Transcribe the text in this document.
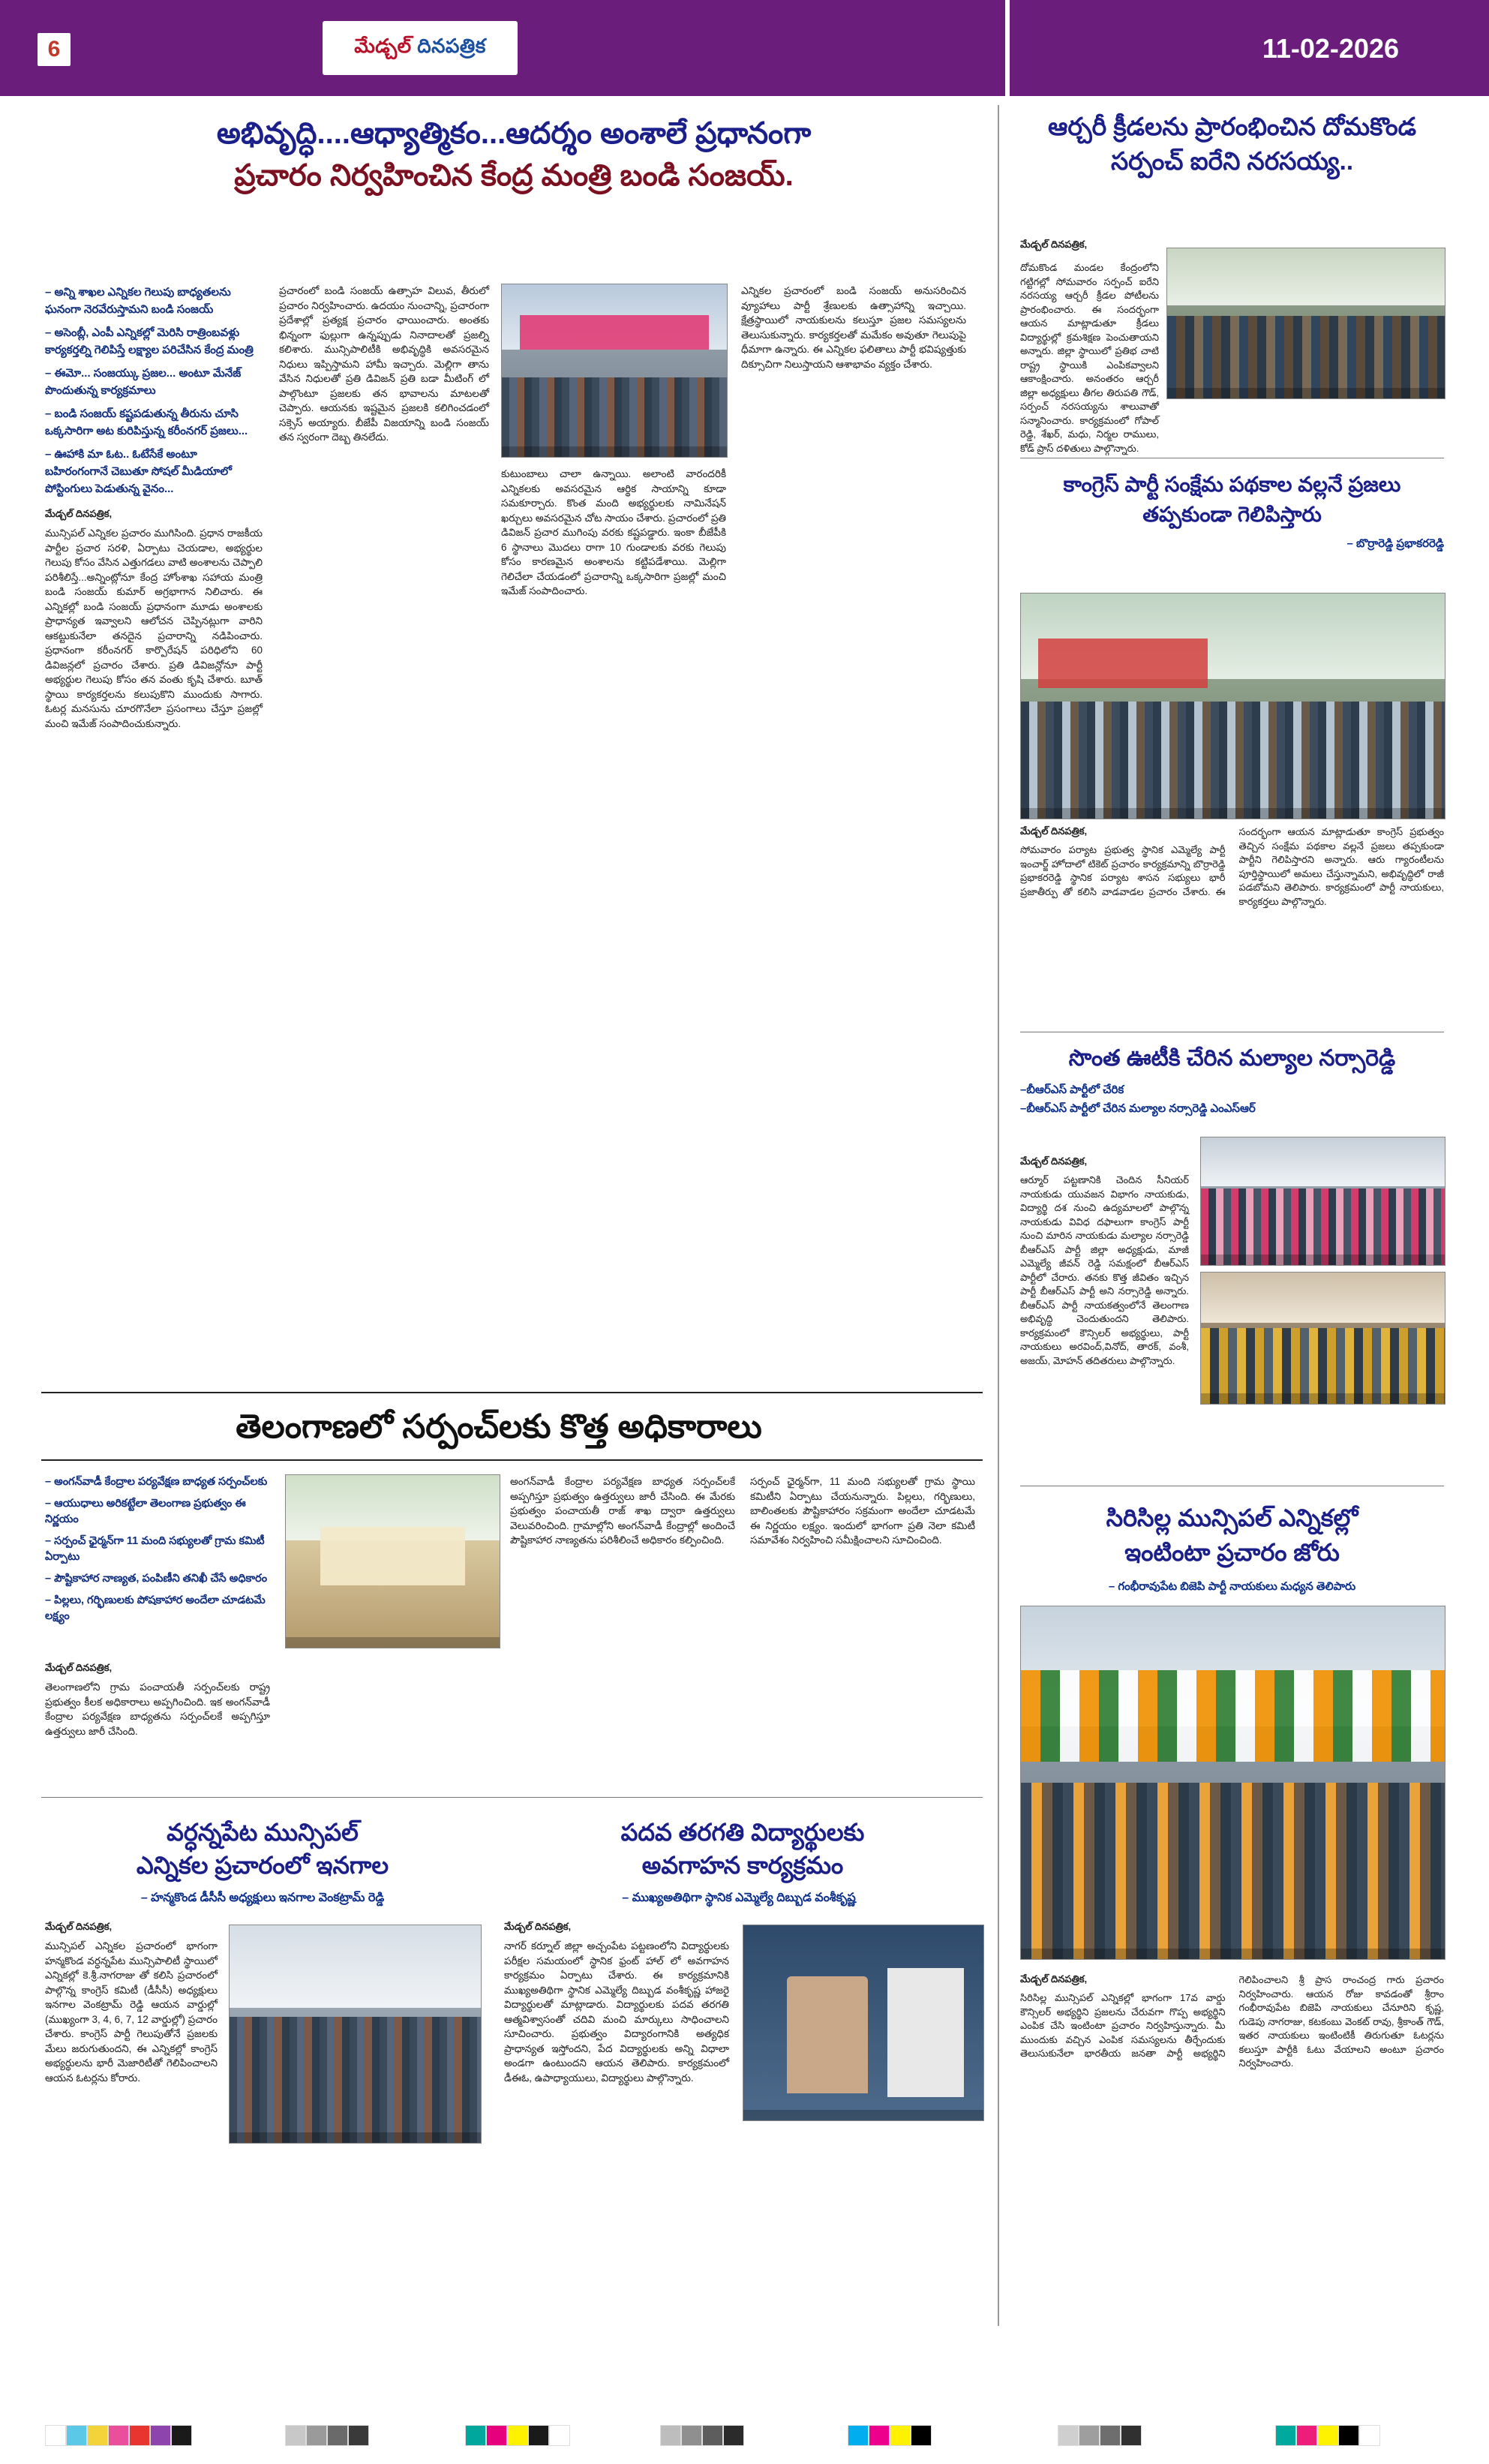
6	మేడ్చల్ దినపత్రిక	11-02-2026
అభివృద్ధి....ఆధ్యాత్మికం...ఆదర్శం అంశాలే ప్రధానంగా
ప్రచారం నిర్వహించిన కేంద్ర మంత్రి బండి సంజయ్.
– అన్ని శాఖల ఎన్నికల గెలుపు బాధ్యతలను ఘనంగా నెరవేరుస్తామని బండి సంజయ్
– అసెంబ్లీ, ఎంపీ ఎన్నికల్లో మెరిసి రాత్రింబవళ్లు కార్యకర్తల్ని గెలిపిస్తే లక్ష్యాల పరిచేసిన కేంద్ర మంత్రి
– ఈమో... సంజయ్కు ప్రజల... అంటూ మేనేజ్ పొందుతున్న కార్యక్రమాలు
– బండి సంజయ్ కష్టపడుతున్న తీరును చూసి ఒక్కసారిగా అట కురిపిస్తున్న కరీంనగర్ ప్రజలు...
– ఊహాకి మా ఓట.. ఓటేసేకే అంటూ బహిరంగంగానే చెబుతూ సోషల్ మీడియాలో పోస్టింగులు పెడుతున్న వైనం...
మేడ్చల్ దినపత్రిక,
మున్సిపల్ ఎన్నికల ప్రచారం ముగిసింది. ప్రధాన రాజకీయ పార్టీల ప్రచార సరళి, ఏర్పాటు చెయడాల, అభ్యర్థుల గెలుపు కోసం వేసిన ఎత్తుగడలు వాటి అంశాలను చెప్పాలి పరిశీలిస్తే...అన్నింట్లోనూ కేంద్ర హోంశాఖ సహాయ మంత్రి బండి సంజయ్ కుమార్ అగ్రభాగాన నిలిచారు. ఈ ఎన్నికల్లో బండి సంజయ్ ప్రధానంగా మూడు అంశాలకు ప్రాధాన్యత ఇవ్వాలని ఆలోచన చెప్పినట్లుగా వారిని ఆకట్టుకునేలా తనదైన ప్రచారాన్ని నడిపించారు. ప్రధానంగా కరీంనగర్ కార్పొరేషన్ పరిధిలోని 60 డివిజన్లలో ప్రచారం చేశారు. ప్రతి డివిజన్లోనూ పార్టీ అభ్యర్థుల గెలుపు కోసం తన వంతు కృషి చేశారు. బూత్ స్థాయి కార్యకర్తలను కలుపుకొని ముందుకు సాగారు. ఓటర్ల మనసును చూరగొనేలా ప్రసంగాలు చేస్తూ ప్రజల్లో మంచి ఇమేజ్ సంపాదించుకున్నారు.
ప్రచారంలో బండి సంజయ్ ఉత్సాహ విలువ, తీరులో ప్రచారం నిర్వహించారు. ఉదయం నుంచాన్ని, ప్రచారంగా ప్రదేశాల్లో ప్రత్యక్ష ప్రచారం ఛాయించారు. అంతకు భిన్నంగా ఫుల్లుగా ఉన్నప్పుడు నినాదాలతో ప్రజల్ని కలిశారు. మున్సిపాలిటీకి అభివృద్ధికి అవసరమైన నిధులు ఇప్పిస్తామని హామీ ఇచ్చారు. మెల్లిగా తాను వేసిన నిధులతో ప్రతి డివిజన్ ప్రతి బడా మీటింగ్ లో పాల్గొంటూ ప్రజలకు తన భావాలను మాటలతో చెప్పారు. ఆయనకు ఇష్టమైన ప్రజలకి కలిగించడంలో సక్సెస్ అయ్యారు. బీజేపీ విజయాన్ని బండి సంజయ్ తన స్వరంగా దెబ్బ తినలేదు.
కుటుంబాలు చాలా ఉన్నాయి. అలాంటి వారందరికీ ఎన్నికలకు అవసరమైన ఆర్థిక సాయాన్ని కూడా సమకూర్చారు. కొంత మంది అభ్యర్థులకు నామినేషన్ ఖర్చులు అవసరమైన చోట సాయం చేశారు. ప్రచారంలో ప్రతి డివిజన్ ప్రచార ముగింపు వరకు కష్టపడ్డారు. ఇంకా బీజేపీకి 6 స్థానాలు మొదలు రాగా 10 గుండాలకు వరకు గెలుపు కోసం కారణమైన అంశాలను కట్టిపడేశాయి. మెల్లిగా గెలిచేలా చేయడంలో ప్రచారాన్ని ఒక్కసారిగా ప్రజల్లో మంచి ఇమేజ్ సంపాదించారు.
ఎన్నికల ప్రచారంలో బండి సంజయ్ అనుసరించిన వ్యూహాలు పార్టీ శ్రేణులకు ఉత్సాహాన్ని ఇచ్చాయి. క్షేత్రస్థాయిలో నాయకులను కలుస్తూ ప్రజల సమస్యలను తెలుసుకున్నారు. కార్యకర్తలతో మమేకం అవుతూ గెలుపుపై ధీమాగా ఉన్నారు. ఈ ఎన్నికల ఫలితాలు పార్టీ భవిష్యత్తుకు దిక్సూచిగా నిలుస్తాయని ఆశాభావం వ్యక్తం చేశారు.
తెలంగాణలో సర్పంచ్‌లకు కొత్త అధికారాలు
– అంగన్‌వాడీ కేంద్రాల పర్యవేక్షణ బాధ్యత సర్పంచ్‌లకు
– ఆయుధాలు అరికట్టేలా తెలంగాణ ప్రభుత్వం ఈ నిర్ణయం
– సర్పంచ్ ఛైర్మన్‌గా 11 మంది సభ్యులతో గ్రామ కమిటీ ఏర్పాటు
– పౌష్టికాహార నాణ్యత, పంపిణీని తనిఖీ చేసే అధికారం
– పిల్లలు, గర్భిణులకు పోషకాహార అందేలా చూడటమే లక్ష్యం
మేడ్చల్ దినపత్రిక,
తెలంగాణలోని గ్రామ పంచాయతీ సర్పంచ్‌లకు రాష్ట్ర ప్రభుత్వం కీలక అధికారాలు అప్పగించింది. ఇక అంగన్‌వాడీ కేంద్రాల పర్యవేక్షణ బాధ్యతను సర్పంచ్‌లకే అప్పగిస్తూ ఉత్తర్వులు జారీ చేసింది.
అంగన్‌వాడీ కేంద్రాల పర్యవేక్షణ బాధ్యత సర్పంచ్‌లకే అప్పగిస్తూ ప్రభుత్వం ఉత్తర్వులు జారీ చేసింది. ఈ మేరకు ప్రభుత్వం పంచాయతీ రాజ్ శాఖ ద్వారా ఉత్తర్వులు వెలువరించింది. గ్రామాల్లోని అంగన్‌వాడీ కేంద్రాల్లో అందించే పౌష్టికాహార నాణ్యతను పరిశీలించే అధికారం కల్పించింది.
సర్పంచ్ ఛైర్మన్‌గా, 11 మంది సభ్యులతో గ్రామ స్థాయి కమిటీని ఏర్పాటు చేయనున్నారు. పిల్లలు, గర్భిణులు, బాలింతలకు పౌష్టికాహారం సక్రమంగా అందేలా చూడటమే ఈ నిర్ణయం లక్ష్యం. ఇందులో భాగంగా ప్రతి నెలా కమిటీ సమావేశం నిర్వహించి సమీక్షించాలని సూచించింది.
వర్ధన్నపేట మున్సిపల్
ఎన్నికల ప్రచారంలో ఇనగాల
– హన్మకొండ డీసీసీ అధ్యక్షులు ఇనగాల వెంకట్రామ్ రెడ్డి
మేడ్చల్ దినపత్రిక,
మున్సిపల్ ఎన్నికల ప్రచారంలో భాగంగా హన్మకొండ వర్ధన్నపేట మున్సిపాలిటీ స్థాయిలో ఎన్నికల్లో కె.శ్రీ.నాగరాజు తో కలిసి ప్రచారంలో పాల్గొన్న కాంగ్రెస్ కమిటీ (డీసీసీ) అధ్యక్షులు ఇనగాల వెంకట్రామ్ రెడ్డి ఆయన వార్డుల్లో (ముఖ్యంగా 3, 4, 6, 7, 12 వార్డుల్లో) ప్రచారం చేశారు. కాంగ్రెస్ పార్టీ గెలుపుతోనే ప్రజలకు మేలు జరుగుతుందని, ఈ ఎన్నికల్లో కాంగ్రెస్ అభ్యర్థులను భారీ మెజారిటీతో గెలిపించాలని ఆయన ఓటర్లను కోరారు.
పదవ తరగతి విద్యార్థులకు
అవగాహన కార్యక్రమం
– ముఖ్యఅతిథిగా స్థానిక ఎమ్మెల్యే దిబ్బుడ వంశీకృష్ణ
మేడ్చల్ దినపత్రిక,
నాగర్ కర్నూల్ జిల్లా అచ్చంపేట పట్టణంలోని విద్యార్థులకు పరీక్షల సమయంలో స్థానిక ఫ్రంట్ హాల్ లో అవగాహన కార్యక్రమం ఏర్పాటు చేశారు. ఈ కార్యక్రమానికి ముఖ్యఅతిథిగా స్థానిక ఎమ్మెల్యే దిబ్బుడ వంశీకృష్ణ హాజరై విద్యార్థులతో మాట్లాడారు. విద్యార్థులకు పదవ తరగతి ఆత్మవిశ్వాసంతో చదివి మంచి మార్కులు సాధించాలని సూచించారు. ప్రభుత్వం విద్యారంగానికి అత్యధిక ప్రాధాన్యత ఇస్తోందని, పేద విద్యార్థులకు అన్ని విధాలా అండగా ఉంటుందని ఆయన తెలిపారు. కార్యక్రమంలో డీఈఓ, ఉపాధ్యాయులు, విద్యార్థులు పాల్గొన్నారు.
ఆర్చరీ క్రీడలను ప్రారంభించిన దోమకొండ సర్పంచ్ ఐరేని నరసయ్య..
మేడ్చల్ దినపత్రిక,
దోమకొండ మండల కేంద్రంలోని గట్టిగల్లో సోమవారం సర్పంచ్ ఐరేని నరసయ్య ఆర్చరీ క్రీడల పోటీలను ప్రారంభించారు. ఈ సందర్భంగా ఆయన మాట్లాడుతూ క్రీడలు విద్యార్థుల్లో క్రమశిక్షణ పెంచుతాయని అన్నారు. జిల్లా స్థాయిలో ప్రతిభ చాటి రాష్ట్ర స్థాయికి ఎంపికవ్వాలని ఆకాంక్షించారు. అనంతరం ఆర్చరీ జిల్లా అధ్యక్షులు తీగల తిరుపతి గౌడ్, సర్పంచ్ నరసయ్యను శాలువాతో సన్మానించారు. కార్యక్రమంలో గోపాల్ రెడ్డి, శేఖర్, మధు, నిర్మల రాములు, కోడ్ ప్రాస్ దళితులు పాల్గొన్నారు.
కాంగ్రెస్ పార్టీ సంక్షేమ పథకాల వల్లనే ప్రజలు తప్పకుండా గెలిపిస్తారు
– బొర్రారెడ్డి ప్రభాకరరెడ్డి
మేడ్చల్ దినపత్రిక,
సోమవారం పర్యాట ప్రభుత్వ స్థానిక ఎమ్మెల్యే పార్టీ ఇంచార్జ్ హోదాలో టికెట్ ప్రచారం కార్యక్రమాన్ని బొర్రారెడ్డి ప్రభాకరరెడ్డి స్థానిక పర్యాట శాసన సభ్యులు భారీ ప్రజాతీర్పు తో కలిసి వాడవాడల ప్రచారం చేశారు. ఈ సందర్భంగా ఆయన మాట్లాడుతూ కాంగ్రెస్ ప్రభుత్వం తెచ్చిన సంక్షేమ పథకాల వల్లనే ప్రజలు తప్పకుండా పార్టీని గెలిపిస్తారని అన్నారు. ఆరు గ్యారంటీలను పూర్తిస్థాయిలో అమలు చేస్తున్నామని, అభివృద్ధిలో రాజీ పడబోమని తెలిపారు. కార్యక్రమంలో పార్టీ నాయకులు, కార్యకర్తలు పాల్గొన్నారు.
సొంత ఊటీకి చేరిన మల్యాల నర్సారెడ్డి
–బీఆర్ఎస్ పార్టీలో చేరిక
–బీఆర్ఎస్ పార్టీలో చేరిన మల్యాల నర్సారెడ్డి ఎంఎస్ఆర్
మేడ్చల్ దినపత్రిక,
ఆర్మూర్ పట్టణానికి చెందిన సీనియర్ నాయకుడు యువజన విభాగం నాయకుడు, విద్యార్థి దశ నుంచి ఉద్యమాలలో పాల్గొన్న నాయకుడు వివిధ దఫాలుగా కాంగ్రెస్ పార్టీ నుంచి మారిన నాయకుడు మల్యాల నర్సారెడ్డి బీఆర్ఎస్ పార్టీ జిల్లా అధ్యక్షుడు, మాజీ ఎమ్మెల్యే జీవన్ రెడ్డి సమక్షంలో బీఆర్ఎస్ పార్టీలో చేరారు. తనకు కొత్త జీవితం ఇచ్చిన పార్టీ బీఆర్ఎస్ పార్టీ అని నర్సారెడ్డి అన్నారు. బీఆర్ఎస్ పార్టీ నాయకత్వంలోనే తెలంగాణ అభివృద్ధి చెందుతుందని తెలిపారు. కార్యక్రమంలో కౌన్సిలర్ అభ్యర్థులు, పార్టీ నాయకులు అరవింద్,వినోద్, తారక్, వంశీ, అజయ్, మోహన్ తదితరులు పాల్గొన్నారు.
సిరిసిల్ల మున్సిపల్ ఎన్నికల్లో
ఇంటింటా ప్రచారం జోరు
– గంభీరావుపేట బిజెపి పార్టీ నాయకులు మధ్యన తెలిపారు
మేడ్చల్ దినపత్రిక,
సిరిసిల్ల మున్సిపల్ ఎన్నికల్లో భాగంగా 17వ వార్డు కౌన్సిలర్ అభ్యర్థిని ప్రజలను చేరువగా గొప్ప అభ్యర్థిని ఎంపిక చేసి ఇంటింటా ప్రచారం నిర్వహిస్తున్నారు. మీ ముందుకు వచ్చిన ఎంపిక సమస్యలను తీర్చేందుకు తెలుసుకునేలా భారతీయ జనతా పార్టీ అభ్యర్థిని గెలిపించాలని శ్రీ ప్రాస రాంచంద్ర గారు ప్రచారం నిర్వహించారు. ఆయన రోజు కావడంతో శ్రీరాం గంభీరావుపేట బిజెపి నాయకులు చేనూరిని కృష్ణ, గుడెపు నాగరాజు, కటకంబు వెంకట్ రావు, శ్రీకాంత్ గౌడ్, ఇతర నాయకులు ఇంటింటికీ తిరుగుతూ ఓటర్లను కలుస్తూ పార్టీకి ఓటు వేయాలని అంటూ ప్రచారం నిర్వహించారు.
